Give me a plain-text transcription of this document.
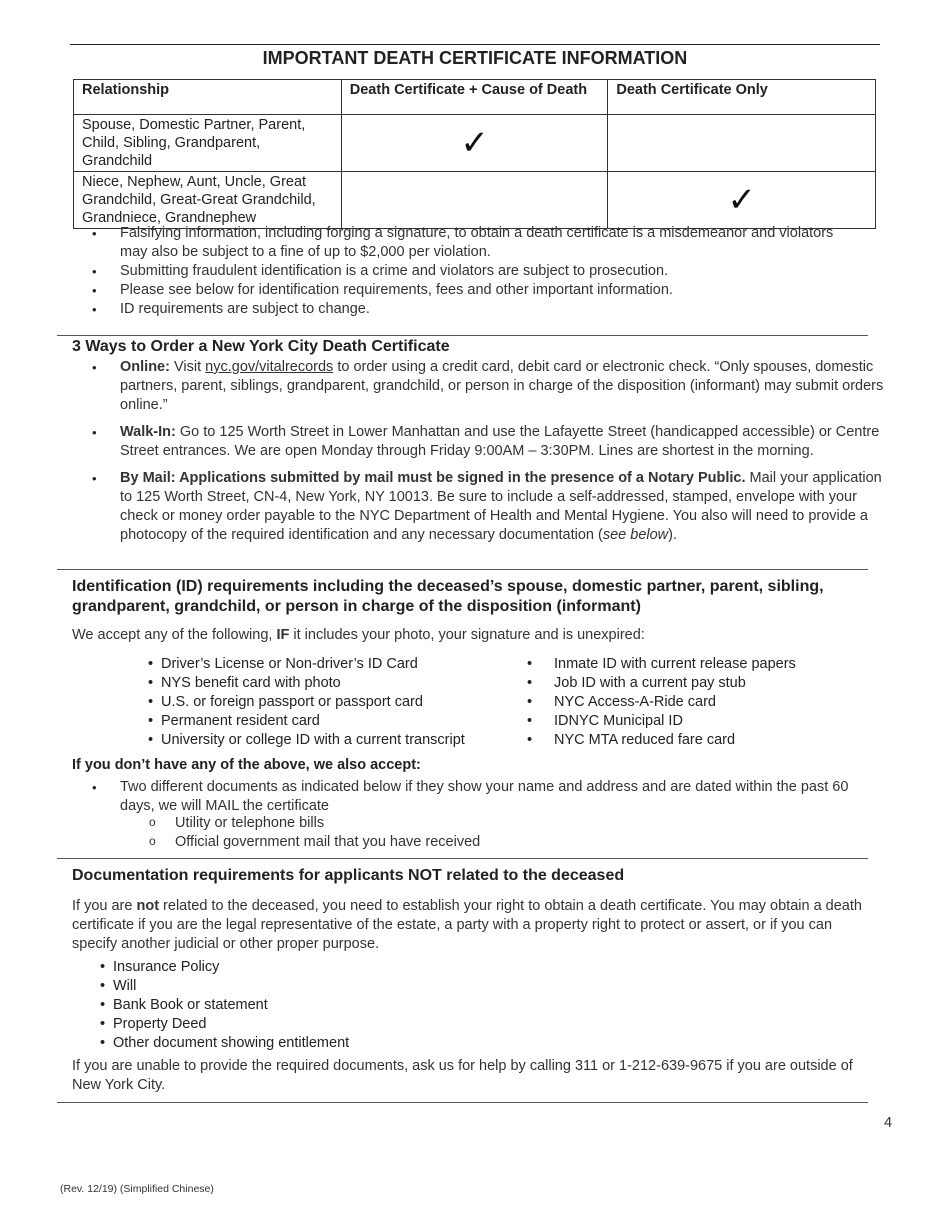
IMPORTANT DEATH CERTIFICATE INFORMATION
Relationship	Death Certificate + Cause of Death	Death Certificate Only
Spouse, Domestic Partner, Parent, Child, Sibling, Grandparent, Grandchild	✓	
Niece, Nephew, Aunt, Uncle, Great Grandchild, Great-Great Grandchild, Grandniece, Grandnephew		✓
• Falsifying information, including forging a signature, to obtain a death certificate is a misdemeanor and violators may also be subject to a fine of up to $2,000 per violation.
• Submitting fraudulent identification is a crime and violators are subject to prosecution.
• Please see below for identification requirements, fees and other important information.
• ID requirements are subject to change.
3 Ways to Order a New York City Death Certificate
• Online: Visit nyc.gov/vitalrecords to order using a credit card, debit card or electronic check. “Only spouses, domestic partners, parent, siblings, grandparent, grandchild, or person in charge of the disposition (informant) may submit orders online.”
• Walk-In: Go to 125 Worth Street in Lower Manhattan and use the Lafayette Street (handicapped accessible) or Centre Street entrances. We are open Monday through Friday 9:00AM – 3:30PM. Lines are shortest in the morning.
• By Mail: Applications submitted by mail must be signed in the presence of a Notary Public. Mail your application to 125 Worth Street, CN-4, New York, NY 10013. Be sure to include a self-addressed, stamped, envelope with your check or money order payable to the NYC Department of Health and Mental Hygiene. You also will need to provide a photocopy of the required identification and any necessary documentation (see below).
Identification (ID) requirements including the deceased’s spouse, domestic partner, parent, sibling, grandparent, grandchild, or person in charge of the disposition (informant)
We accept any of the following, IF it includes your photo, your signature and is unexpired:
• Driver’s License or Non-driver’s ID Card
• NYS benefit card with photo
• U.S. or foreign passport or passport card
• Permanent resident card
• University or college ID with a current transcript
• Inmate ID with current release papers
• Job ID with a current pay stub
• NYC Access-A-Ride card
• IDNYC Municipal ID
• NYC MTA reduced fare card
If you don’t have any of the above, we also accept:
• Two different documents as indicated below if they show your name and address and are dated within the past 60 days, we will MAIL the certificate
o Utility or telephone bills
o Official government mail that you have received
Documentation requirements for applicants NOT related to the deceased
If you are not related to the deceased, you need to establish your right to obtain a death certificate. You may obtain a death certificate if you are the legal representative of the estate, a party with a property right to protect or assert, or if you can specify another judicial or other proper purpose.
• Insurance Policy
• Will
• Bank Book or statement
• Property Deed
• Other document showing entitlement
If you are unable to provide the required documents, ask us for help by calling 311 or 1-212-639-9675 if you are outside of New York City.
4
(Rev. 12/19) (Simplified Chinese)
